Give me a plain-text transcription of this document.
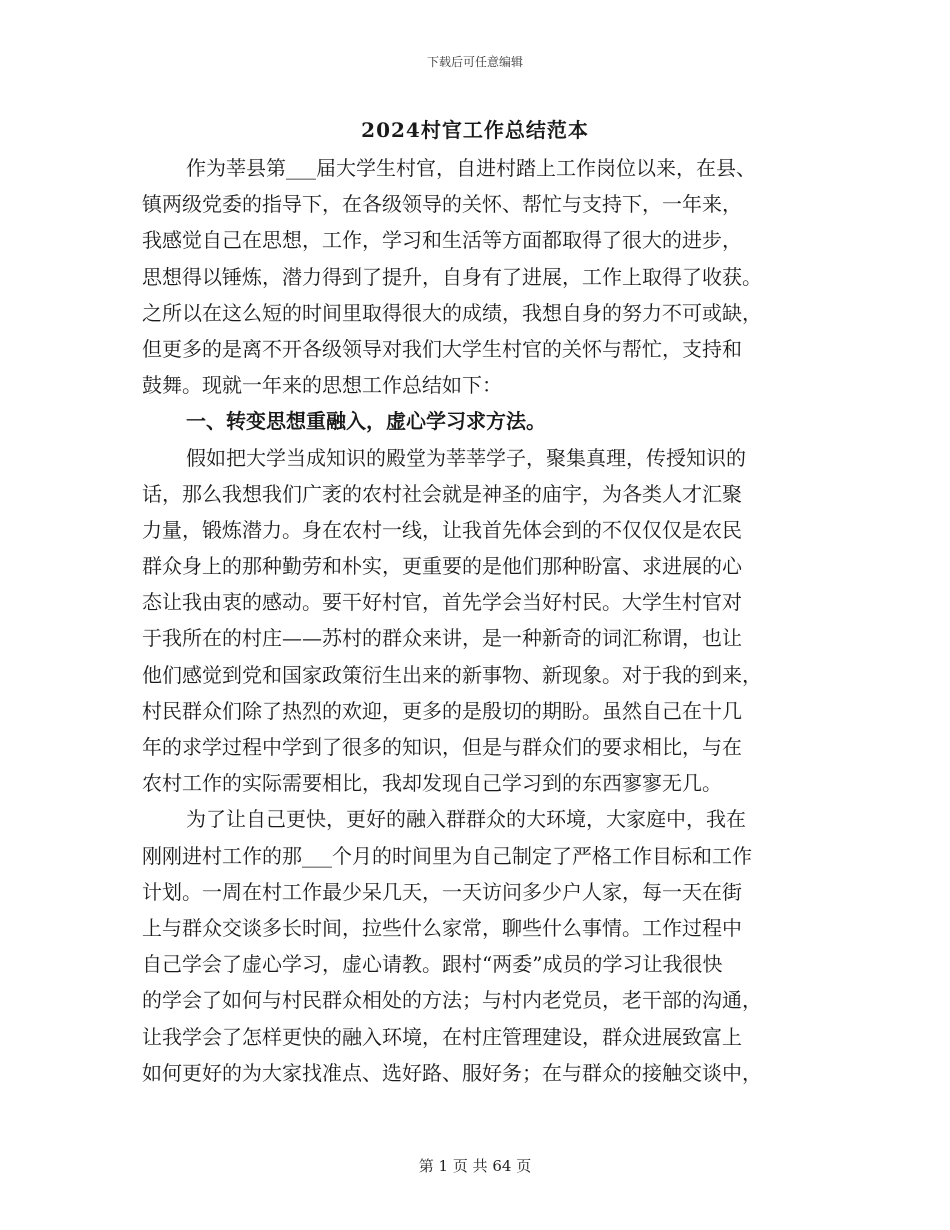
下载后可任意编辑
2024村官工作总结范本
作为莘县第___届大学生村官，自进村踏上工作岗位以来，在县、
镇两级党委的指导下，在各级领导的关怀、帮忙与支持下，一年来，
我感觉自己在思想，工作，学习和生活等方面都取得了很大的进步，
思想得以锤炼，潜力得到了提升，自身有了进展，工作上取得了收获。
之所以在这么短的时间里取得很大的成绩，我想自身的努力不可或缺，
但更多的是离不开各级领导对我们大学生村官的关怀与帮忙，支持和
鼓舞。现就一年来的思想工作总结如下：
一、转变思想重融入，虚心学习求方法。
假如把大学当成知识的殿堂为莘莘学子，聚集真理，传授知识的
话，那么我想我们广袤的农村社会就是神圣的庙宇，为各类人才汇聚
力量，锻炼潜力。身在农村一线，让我首先体会到的不仅仅仅是农民
群众身上的那种勤劳和朴实，更重要的是他们那种盼富、求进展的心
态让我由衷的感动。要干好村官，首先学会当好村民。大学生村官对
于我所在的村庄——苏村的群众来讲，是一种新奇的词汇称谓，也让
他们感觉到党和国家政策衍生出来的新事物、新现象。对于我的到来，
村民群众们除了热烈的欢迎，更多的是殷切的期盼。虽然自己在十几
年的求学过程中学到了很多的知识，但是与群众们的要求相比，与在
农村工作的实际需要相比，我却发现自己学习到的东西寥寥无几。
为了让自己更快，更好的融入群群众的大环境，大家庭中，我在
刚刚进村工作的那___个月的时间里为自己制定了严格工作目标和工作
计划。一周在村工作最少呆几天，一天访问多少户人家，每一天在街
上与群众交谈多长时间，拉些什么家常，聊些什么事情。工作过程中
自己学会了虚心学习，虚心请教。跟村“两委”成员的学习让我很快
的学会了如何与村民群众相处的方法；与村内老党员，老干部的沟通，
让我学会了怎样更快的融入环境，在村庄管理建设，群众进展致富上
如何更好的为大家找准点、选好路、服好务；在与群众的接触交谈中，
第 1 页 共 64 页
